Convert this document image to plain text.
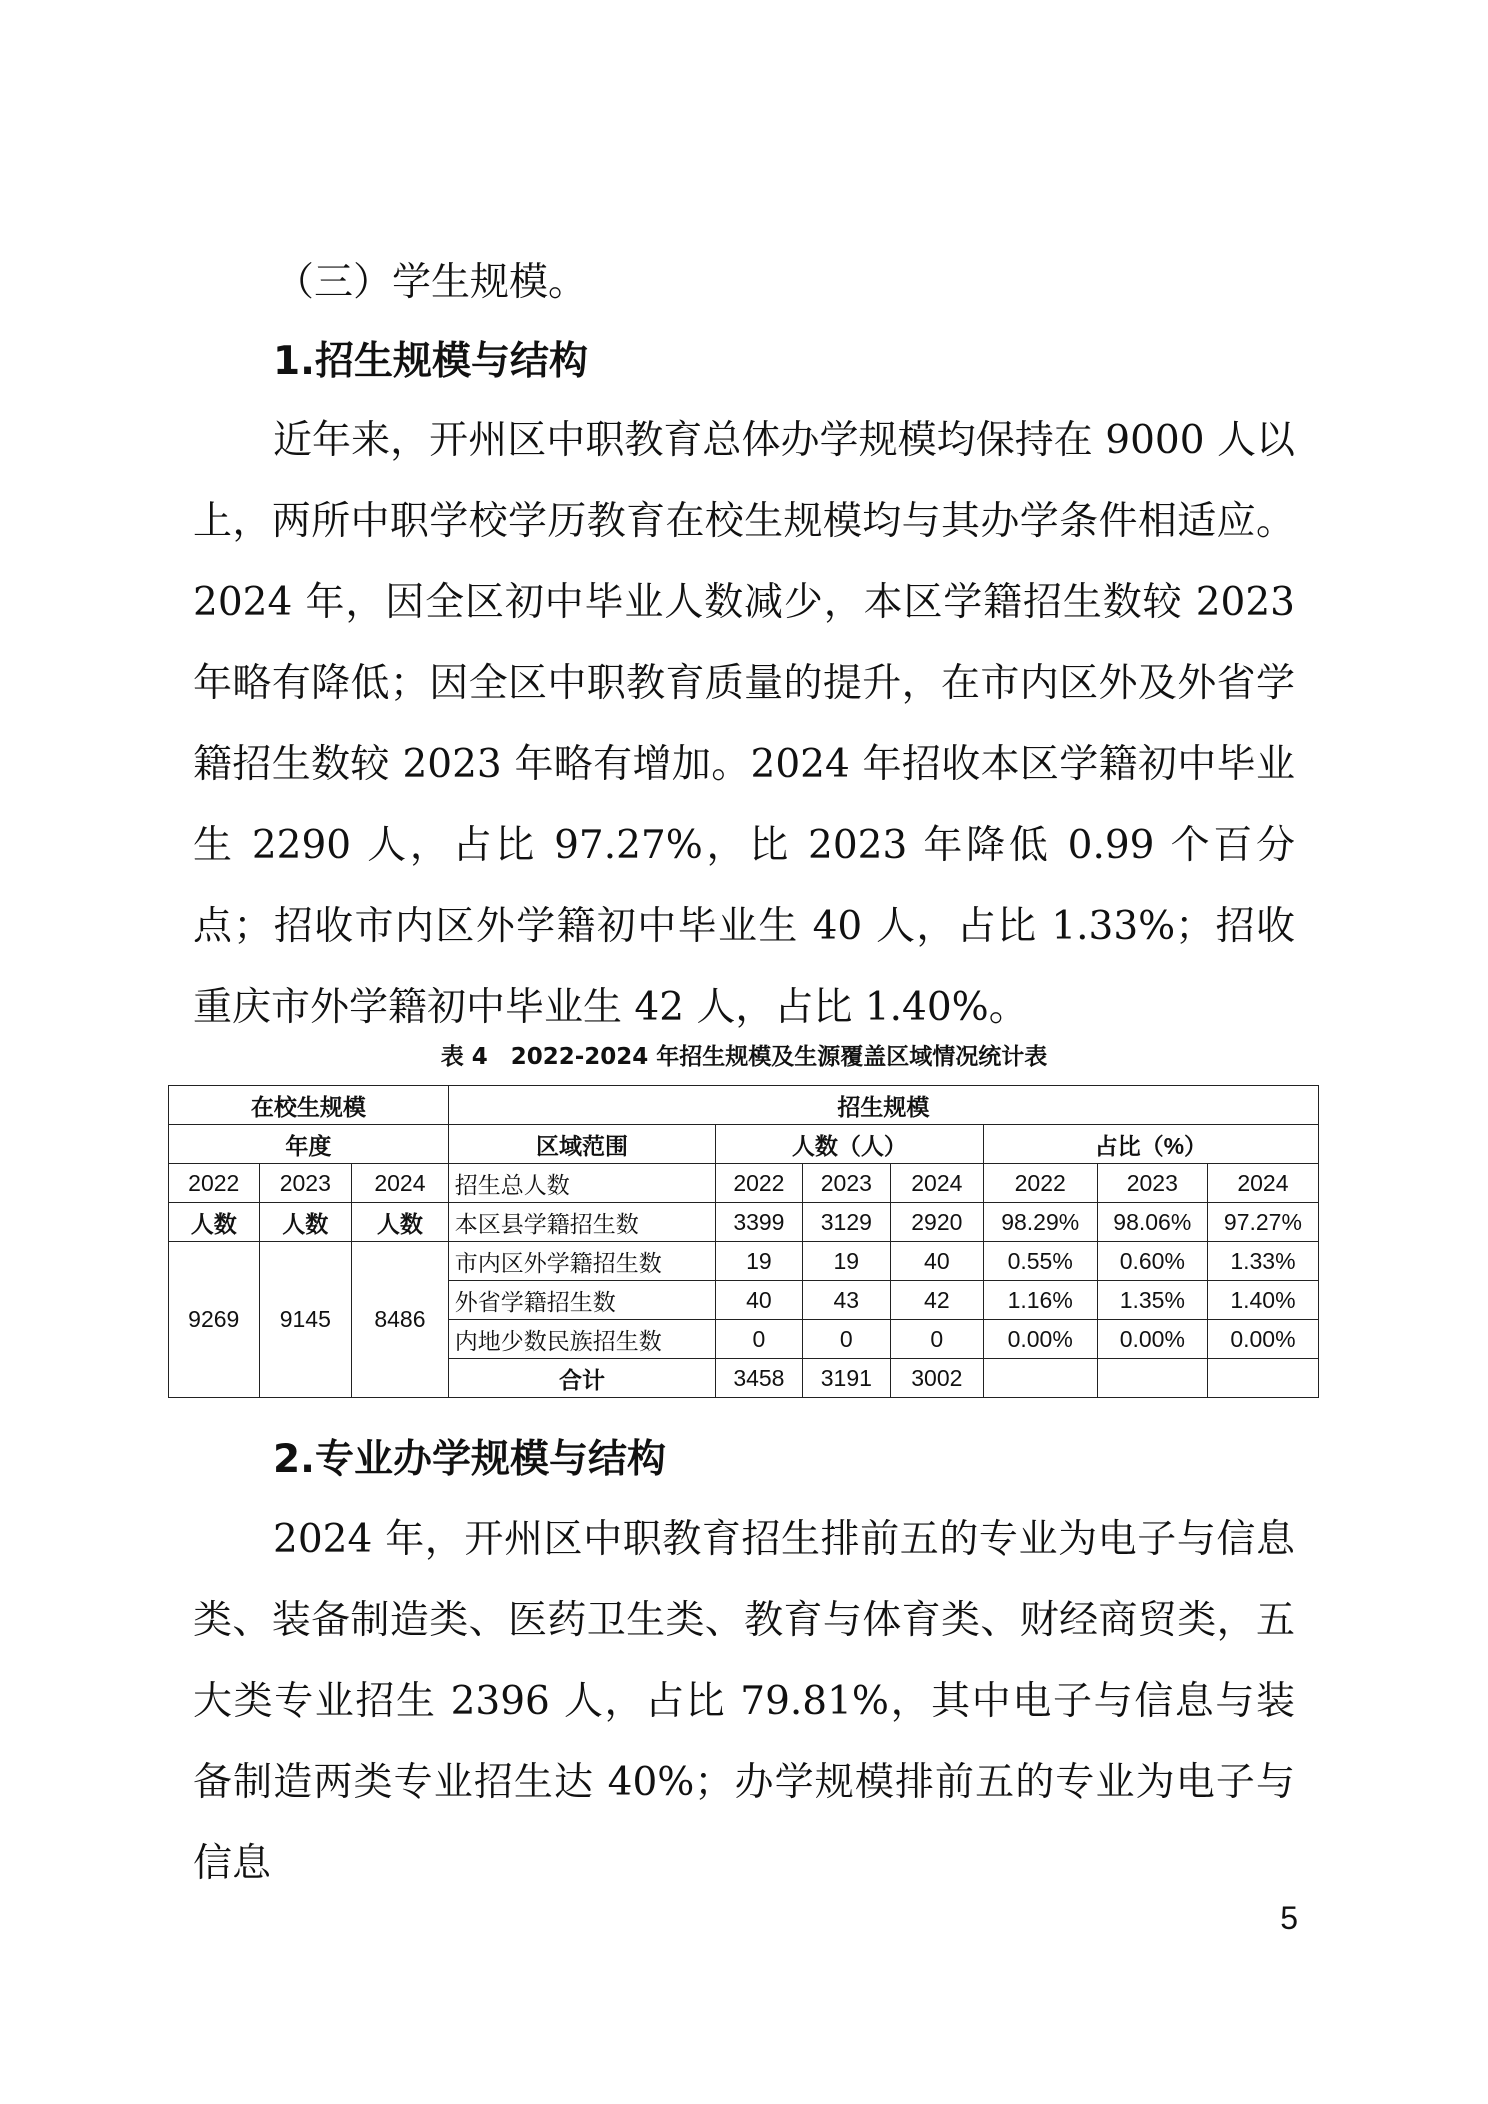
（三）学生规模。

1.招生规模与结构

近年来，开州区中职教育总体办学规模均保持在 9000 人以上，两所中职学校学历教育在校生规模均与其办学条件相适应。2024 年，因全区初中毕业人数减少，本区学籍招生数较 2023 年略有降低；因全区中职教育质量的提升，在市内区外及外省学籍招生数较 2023 年略有增加。2024 年招收本区学籍初中毕业生 2290 人，占比 97.27%，比 2023 年降低 0.99 个百分点；招收市内区外学籍初中毕业生 40 人，占比 1.33%；招收重庆市外学籍初中毕业生 42 人，占比 1.40%。

表 4　2022-2024 年招生规模及生源覆盖区域情况统计表
在校生规模			招生规模						
年度			区域范围	人数（人）			占比（%）		
2022	2023	2024	招生总人数	2022	2023	2024	2022	2023	2024
人数	人数	人数	本区县学籍招生数	3399	3129	2920	98.29%	98.06%	97.27%
9269	9145	8486	市内区外学籍招生数	19	19	40	0.55%	0.60%	1.33%
			外省学籍招生数	40	43	42	1.16%	1.35%	1.40%
			内地少数民族招生数	0	0	0	0.00%	0.00%	0.00%
			合计	3458	3191	3002			

2.专业办学规模与结构

2024 年，开州区中职教育招生排前五的专业为电子与信息类、装备制造类、医药卫生类、教育与体育类、财经商贸类，五大类专业招生 2396 人，占比 79.81%，其中电子与信息与装备制造两类专业招生达 40%；办学规模排前五的专业为电子与信息

5
